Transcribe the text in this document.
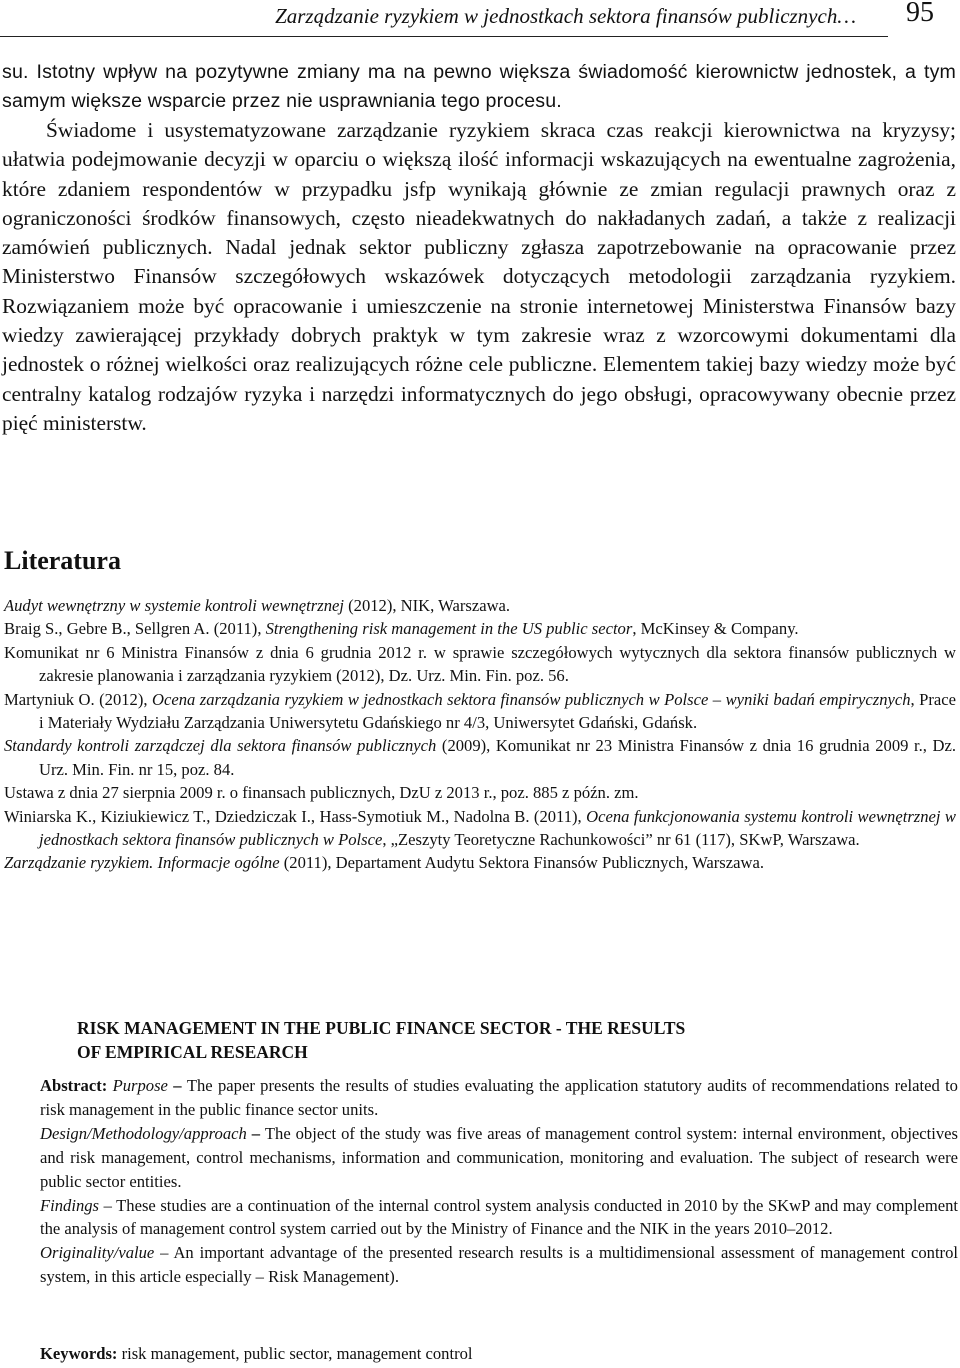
Zarządzanie ryzykiem w jednostkach sektora finansów publicznych… 95

su. Istotny wpływ na pozytywne zmiany ma na pewno większa świadomość kierownictw jednostek, a tym samym większe wsparcie przez nie usprawniania tego procesu.

Świadome i usystematyzowane zarządzanie ryzykiem skraca czas reakcji kierownictwa na kryzysy; ułatwia podejmowanie decyzji w oparciu o większą ilość informacji wskazujących na ewentualne zagrożenia, które zdaniem respondentów w przypadku jsfp wynikają głównie ze zmian regulacji prawnych oraz z ograniczoności środków finansowych, często nieadekwatnych do nakładanych zadań, a także z realizacji zamówień publicznych. Nadal jednak sektor publiczny zgłasza zapotrzebowanie na opracowanie przez Ministerstwo Finansów szczegółowych wskazówek dotyczących metodologii zarządzania ryzykiem. Rozwiązaniem może być opracowanie i umieszczenie na stronie internetowej Ministerstwa Finansów bazy wiedzy zawierającej przykłady dobrych praktyk w tym zakresie wraz z wzorcowymi dokumentami dla jednostek o różnej wielkości oraz realizujących różne cele publiczne. Elementem takiej bazy wiedzy może być centralny katalog rodzajów ryzyka i narzędzi informatycznych do jego obsługi, opracowywany obecnie przez pięć ministerstw.

Literatura

Audyt wewnętrzny w systemie kontroli wewnętrznej (2012), NIK, Warszawa.

Braig S., Gebre B., Sellgren A. (2011), Strengthening risk management in the US public sector, McKinsey & Company.

Komunikat nr 6 Ministra Finansów z dnia 6 grudnia 2012 r. w sprawie szczegółowych wytycznych dla sektora finansów publicznych w zakresie planowania i zarządzania ryzykiem (2012), Dz. Urz. Min. Fin. poz. 56.

Martyniuk O. (2012), Ocena zarządzania ryzykiem w jednostkach sektora finansów publicznych w Polsce – wyniki badań empirycznych, Prace i Materiały Wydziału Zarządzania Uniwersytetu Gdańskiego nr 4/3, Uniwersytet Gdański, Gdańsk.

Standardy kontroli zarządczej dla sektora finansów publicznych (2009), Komunikat nr 23 Ministra Finansów z dnia 16 grudnia 2009 r., Dz. Urz. Min. Fin. nr 15, poz. 84.

Ustawa z dnia 27 sierpnia 2009 r. o finansach publicznych, DzU z 2013 r., poz. 885 z późn. zm.

Winiarska K., Kiziukiewicz T., Dziedziczak I., Hass-Symotiuk M., Nadolna B. (2011), Ocena funkcjonowania systemu kontroli wewnętrznej w jednostkach sektora finansów publicznych w Polsce, „Zeszyty Teoretyczne Rachunkowości” nr 61 (117), SKwP, Warszawa.

Zarządzanie ryzykiem. Informacje ogólne (2011), Departament Audytu Sektora Finansów Publicznych, Warszawa.

RISK MANAGEMENT IN THE PUBLIC FINANCE SECTOR - THE RESULTS
OF EMPIRICAL RESEARCH

Abstract: Purpose – The paper presents the results of studies evaluating the application statutory audits of recommendations related to risk management in the public finance sector units.

Design/Methodology/approach – The object of the study was five areas of management control system: internal environment, objectives and risk management, control mechanisms, information and communication, monitoring and evaluation. The subject of research were public sector entities.

Findings – These studies are a continuation of the internal control system analysis conducted in 2010 by the SKwP and may complement the analysis of management control system carried out by the Ministry of Finance and the NIK in the years 2010–2012.

Originality/value – An important advantage of the presented research results is a multidimensional assessment of management control system, in this article especially – Risk Management).

Keywords: risk management, public sector, management control
